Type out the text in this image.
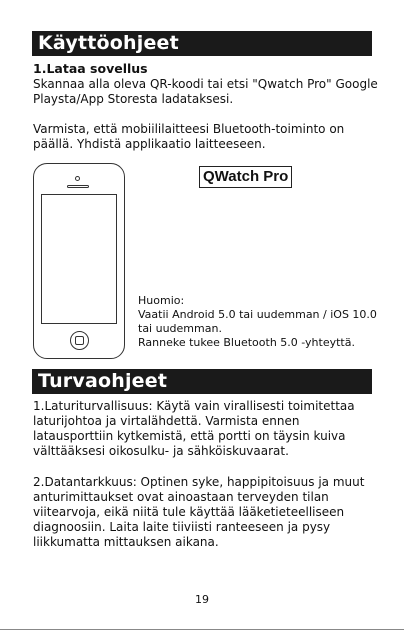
Käyttöohjeet
1.Lataa sovellus
Skannaa alla oleva QR-koodi tai etsi "Qwatch Pro" Google Playsta/App Storesta ladataksesi.
Varmista, että mobiililaitteesi Bluetooth-toiminto on päällä. Yhdistä applikaatio laitteeseen.
QWatch Pro
Huomio:
Vaatii Android 5.0 tai uudemman / iOS 10.0 tai uudemman.
Ranneke tukee Bluetooth 5.0 -yhteyttä.
Turvaohjeet
1.Laturiturvallisuus: Käytä vain virallisesti toimitettaa laturijohtoa ja virtalähdettä. Varmista ennen latausporttiin kytkemistä, että portti on täysin kuiva välttääksesi oikosulku- ja sähköiskuvaarat.
2.Datantarkkuus: Optinen syke, happipitoisuus ja muut anturimittaukset ovat ainoastaan terveyden tilan viitearvoja, eikä niitä tule käyttää lääketieteelliseen diagnoosiin. Laita laite tiiviisti ranteeseen ja pysy liikkumatta mittauksen aikana.
19
